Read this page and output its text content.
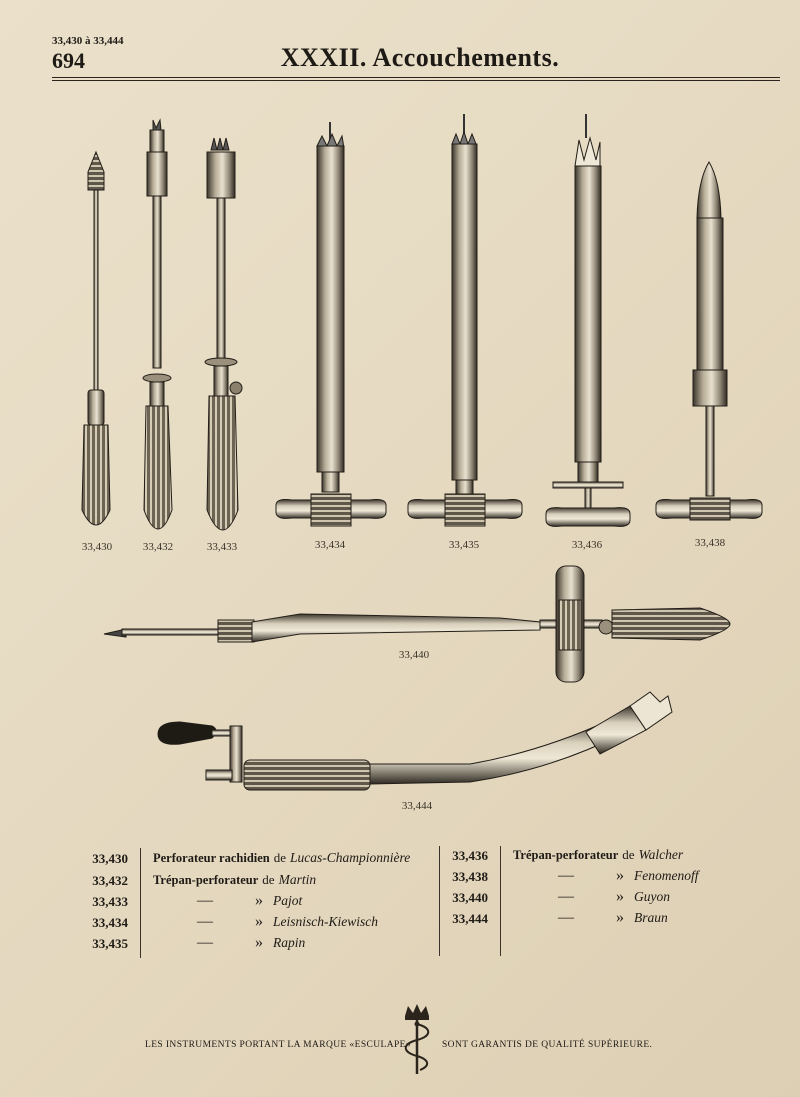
33,430 à 33,444
694	XXXII. Accouchements.
33,430	33,432	33,433	33,434	33,435	33,436	33,438
33,440
33,444
33,430 Perforateur rachidien de Lucas-Championnière
33,432 Trépan-perforateur de Martin
33,433	—	» Pajot
33,434	—	» Leisnisch-Kiewisch
33,435	—	» Rapin
33,436 Trépan-perforateur de Walcher
33,438	—	» Fenomenoff
33,440	—	» Guyon
33,444	—	» Braun
LES INSTRUMENTS PORTANT LA MARQUE «ESCULAPE»	SONT GARANTIS DE QUALITÉ SUPÉRIEURE.
